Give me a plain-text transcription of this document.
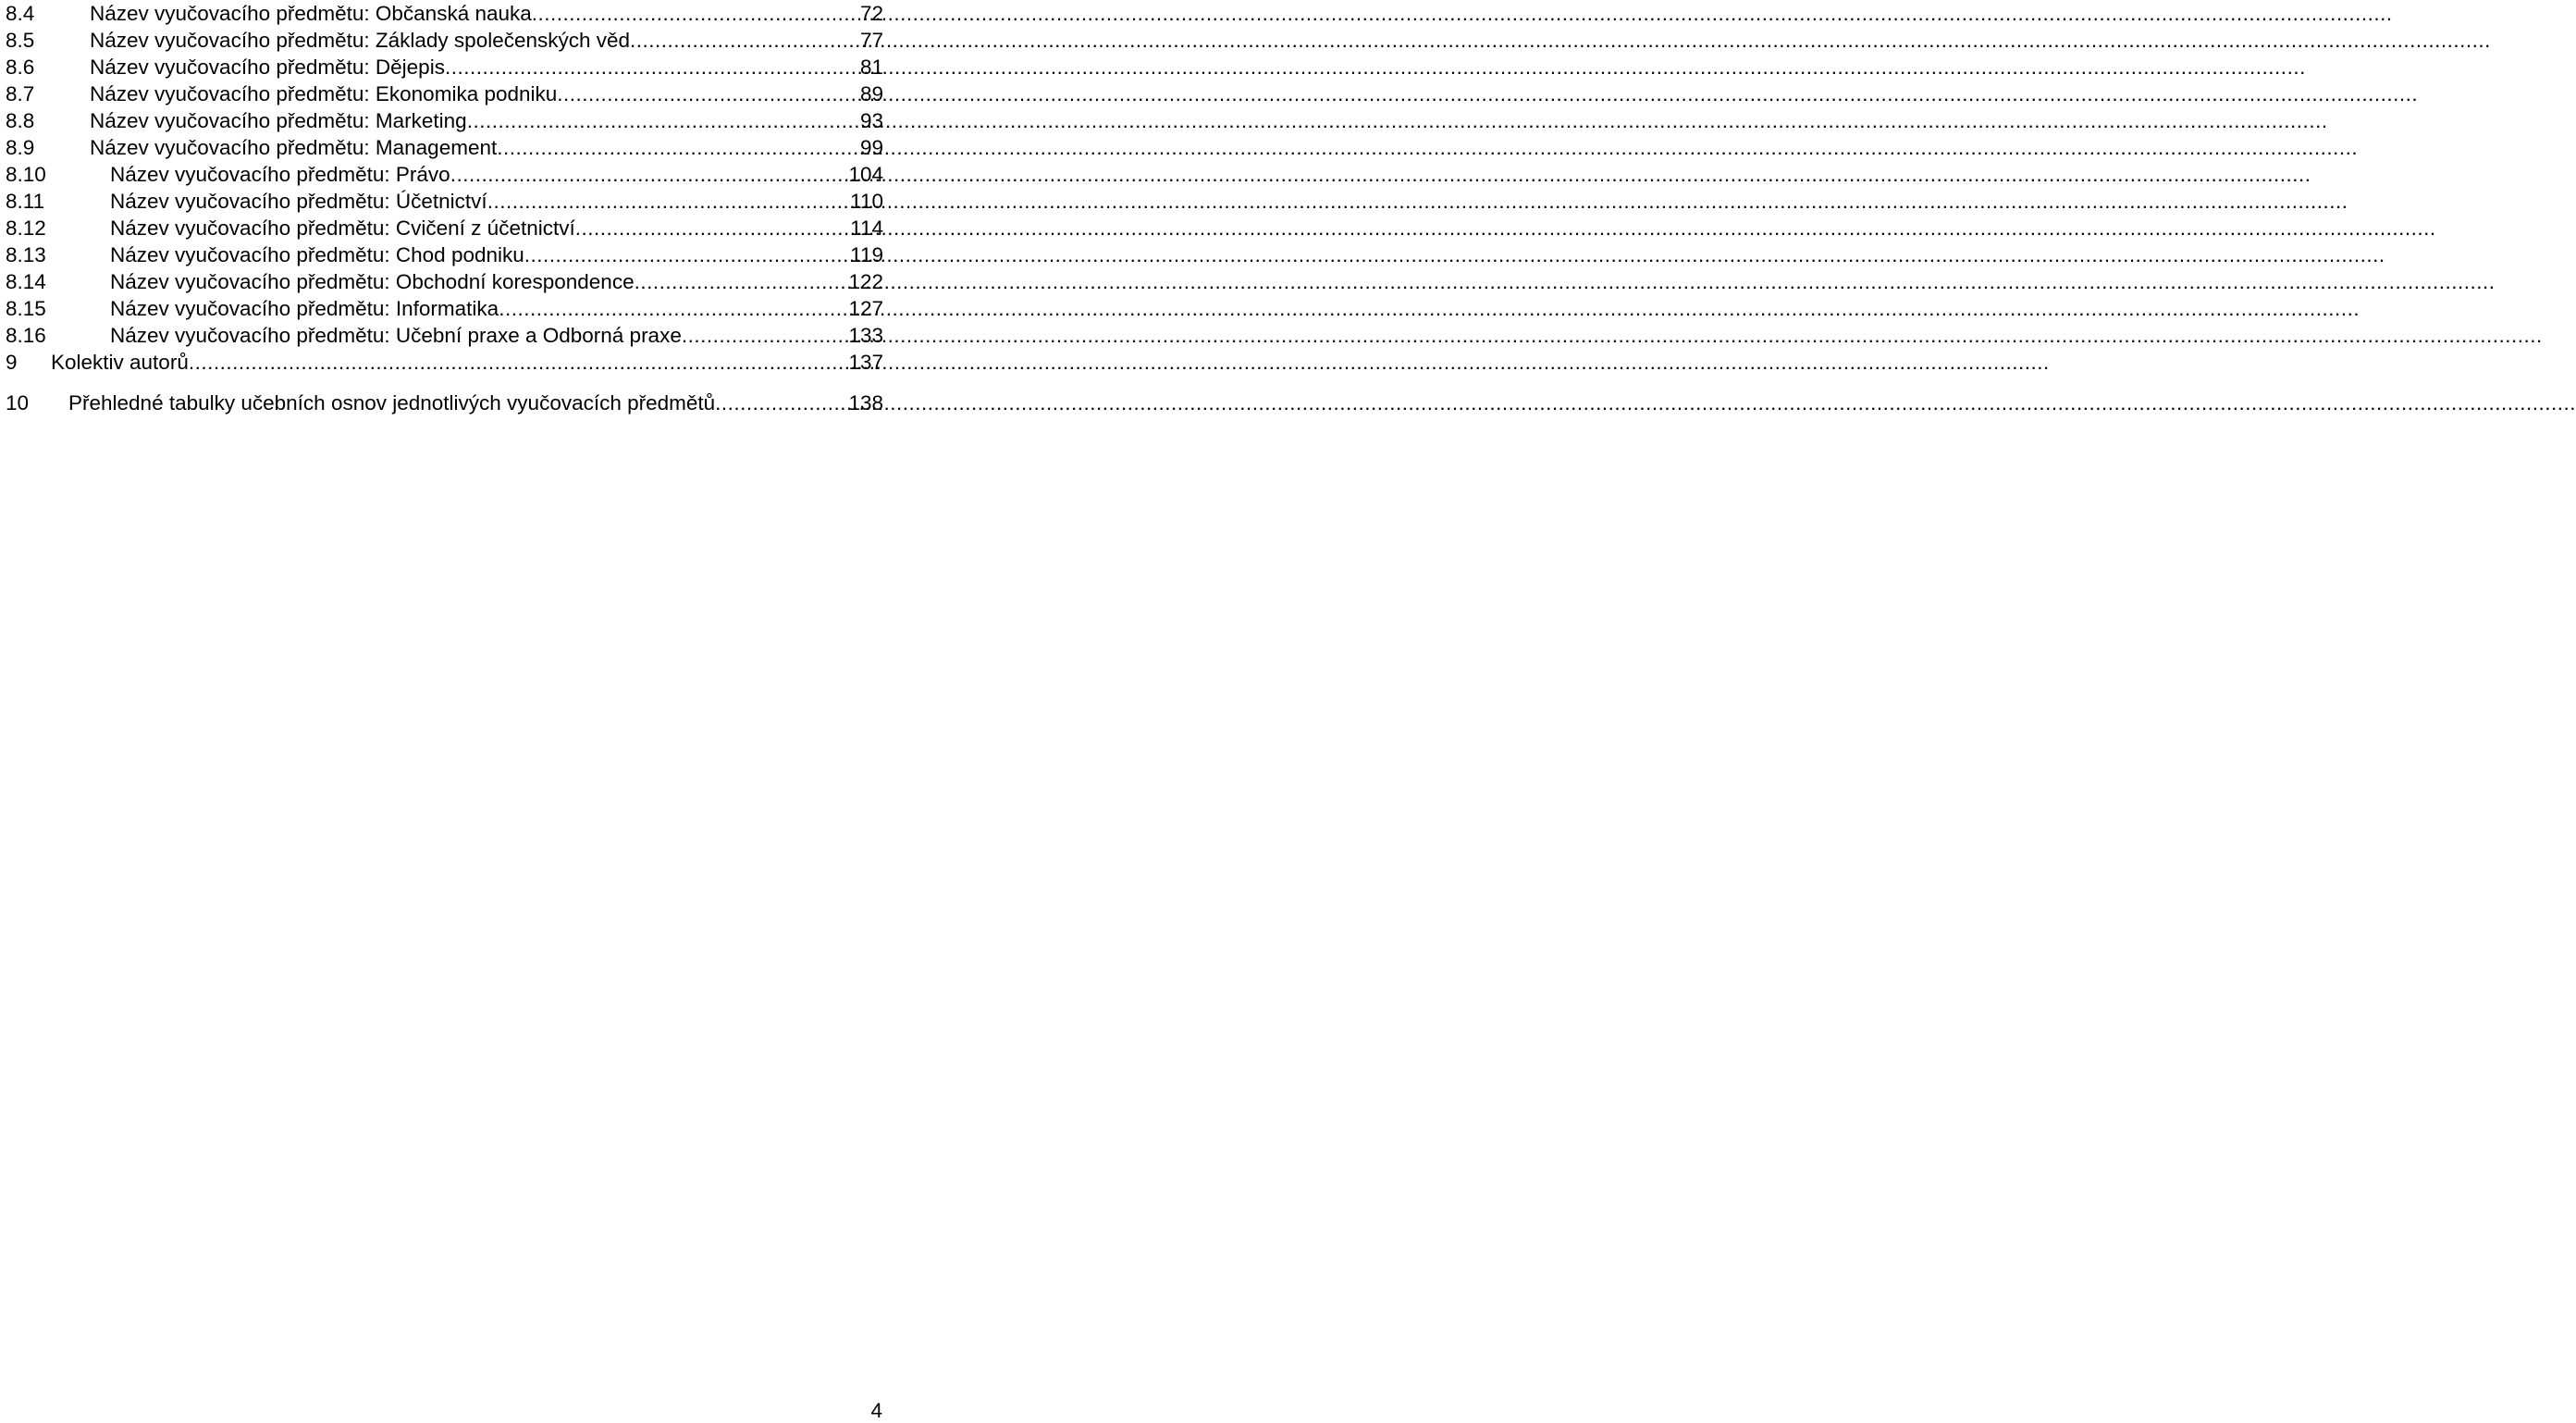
8.4	Název vyučovacího předmětu: Občanská nauka .....	72
8.5	Název vyučovacího předmětu: Základy společenských věd .....	77
8.6	Název vyučovacího předmětu: Dějepis .....	81
8.7	Název vyučovacího předmětu: Ekonomika podniku .....	89
8.8	Název vyučovacího předmětu: Marketing .....	93
8.9	Název vyučovacího předmětu: Management .....	99
8.10	Název vyučovacího předmětu: Právo .....	104
8.11	Název vyučovacího předmětu: Účetnictví .....	110
8.12	Název vyučovacího předmětu: Cvičení z účetnictví .....	114
8.13	Název vyučovacího předmětu: Chod podniku .....	119
8.14	Název vyučovacího předmětu: Obchodní korespondence .....	122
8.15	Název vyučovacího předmětu: Informatika .....	127
8.16	Název vyučovacího předmětu: Učební praxe a Odborná praxe .....	133
9	Kolektiv autorů .....	137
10	Přehledné tabulky učebních osnov jednotlivých vyučovacích předmětů .....	138
4
